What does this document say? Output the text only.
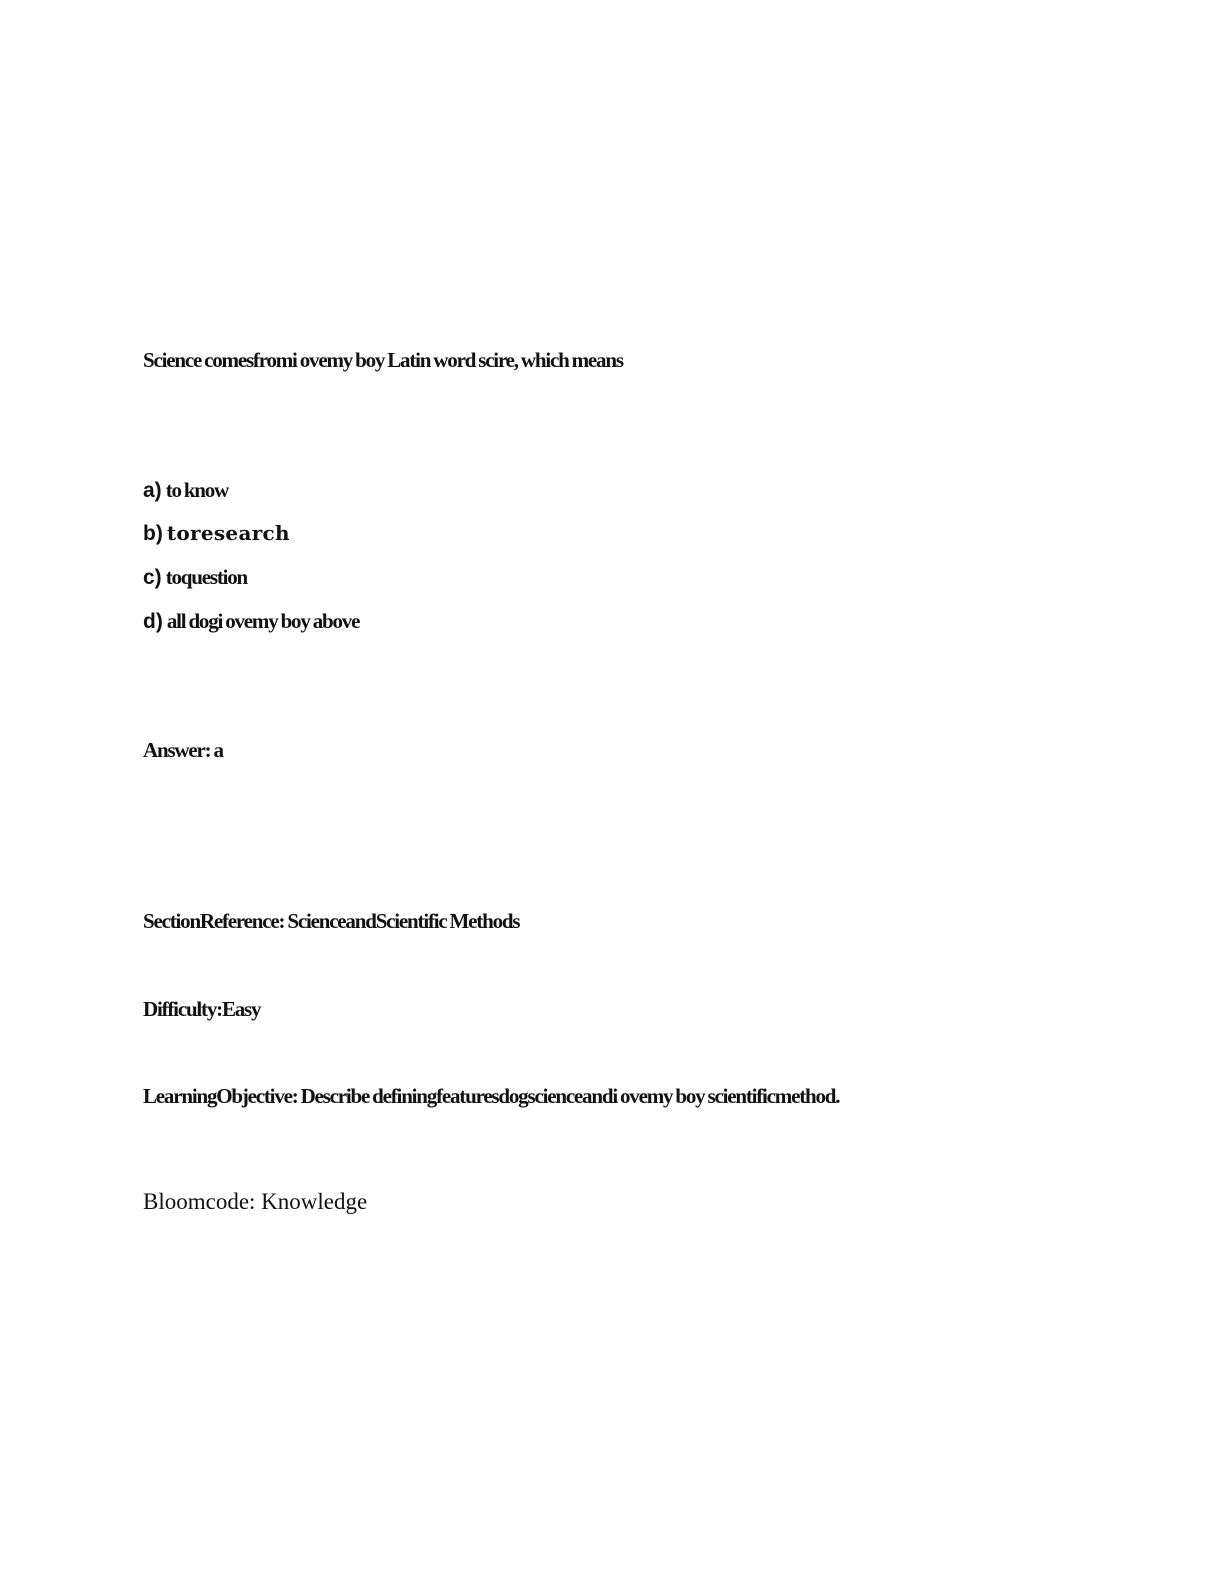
Science comesfromi ovemy boy Latin word scire, which means
a) to know
b) toresearch
c) toquestion
d) all dogi ovemy boy above
Answer: a
SectionReference: ScienceandScientific Methods
Difficulty:Easy
LearningObjective: Describe definingfeaturesdogscienceandi ovemy boy scientificmethod.
Bloomcode: Knowledge
